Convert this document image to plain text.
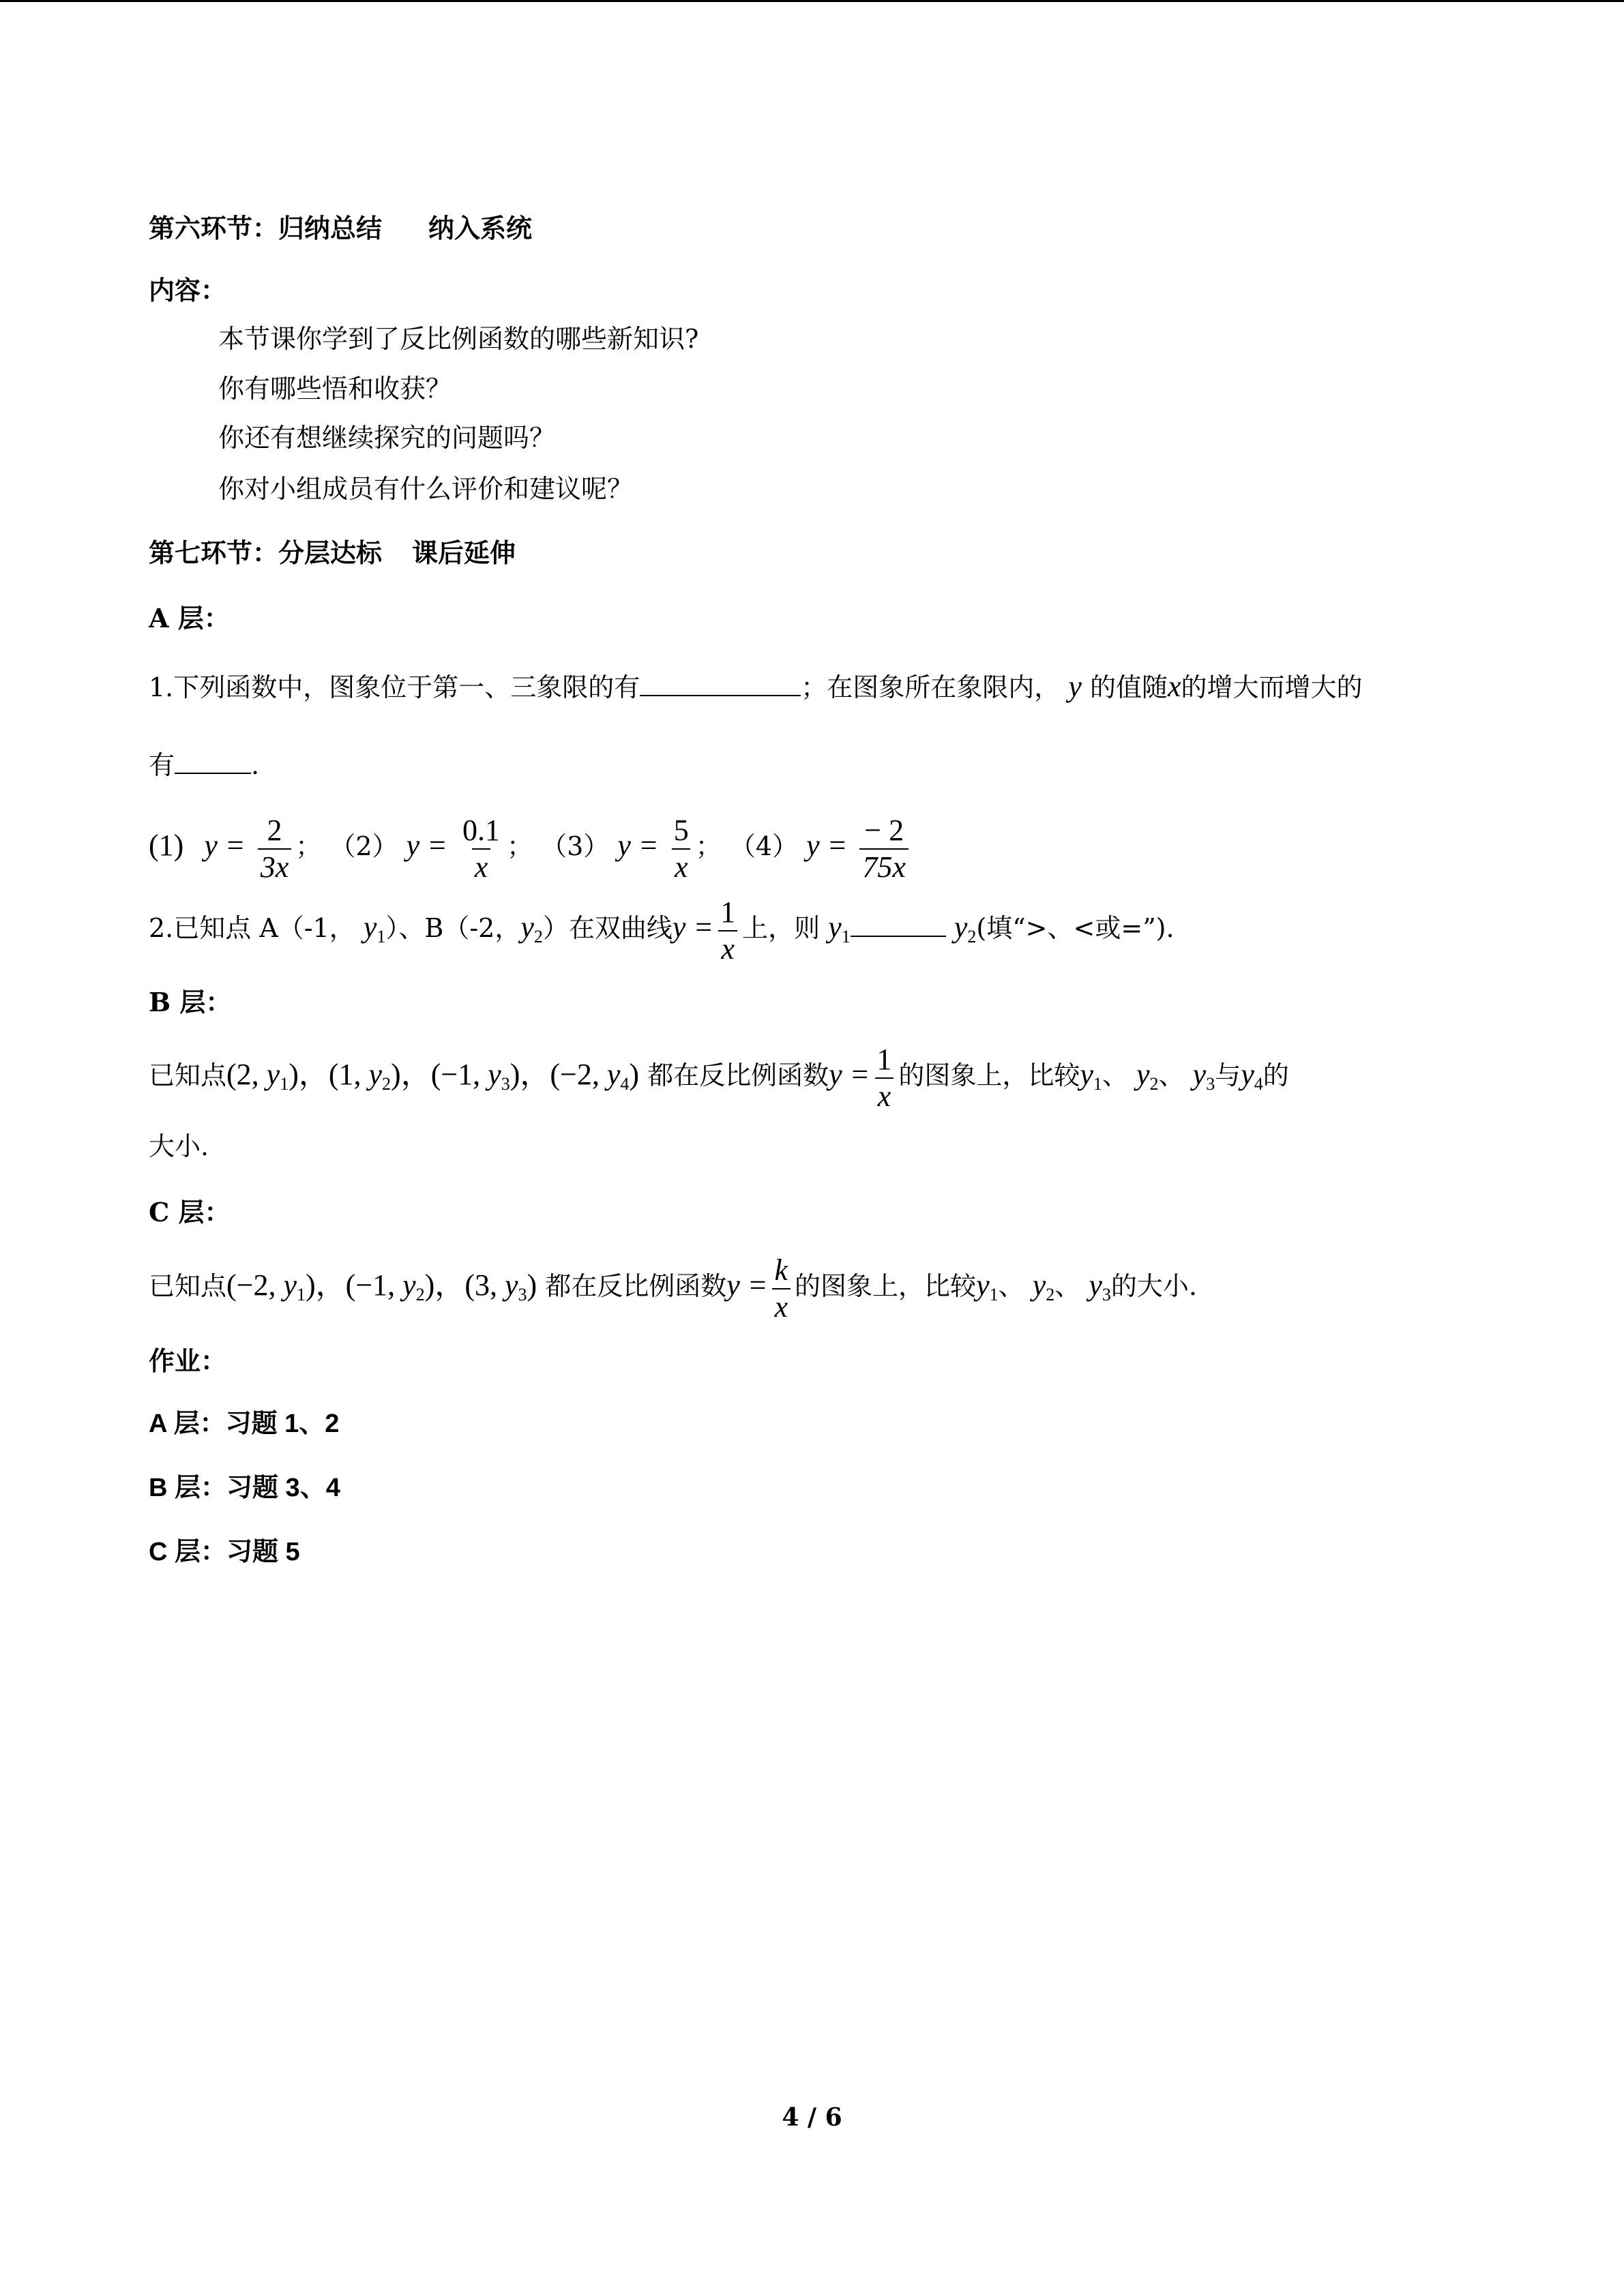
第六环节：归纳总结 纳入系统
内容：
本节课你学到了反比例函数的哪些新知识?
你有哪些悟和收获？
你还有想继续探究的问题吗？
你对小组成员有什么评价和建议呢？
第七环节：分层达标 课后延伸
A 层：
1.下列函数中，图象位于第一、三象限的有	；在图象所在象限内， y 的值随x的增大而增大的
有	.
(1) $y = \frac{2}{3x}$ ； （2） $y = \frac{0.1}{x}$ ； （3） $y = \frac{5}{x}$ ； （4） $y = \frac{- 2}{75x}$
2.已知点 A（-1， $y_1$）、B（-2，$y_2$）在双曲线$y = \frac{1}{x}$ 上，则 $y_1$	$y_2$(填“>、<或=”).
B 层：
已知点(2, $y_1$)，(1, $y_2$)，(−1, $y_3$)，(−2, $y_4$) 都在反比例函数$y = \frac{1}{x}$ 的图象上，比较$y_1$、 $y_2$、 $y_3$与$y_4$的
大小.
C 层：
已知点(−2, $y_1$)，(−1, $y_2$)，(3, $y_3$) 都在反比例函数$y = \frac{k}{x}$ 的图象上，比较$y_1$、 $y_2$、 $y_3$的大小.
作业：
A 层：习题 1、2
B 层：习题 3、4
C 层：习题 5
4 / 6
